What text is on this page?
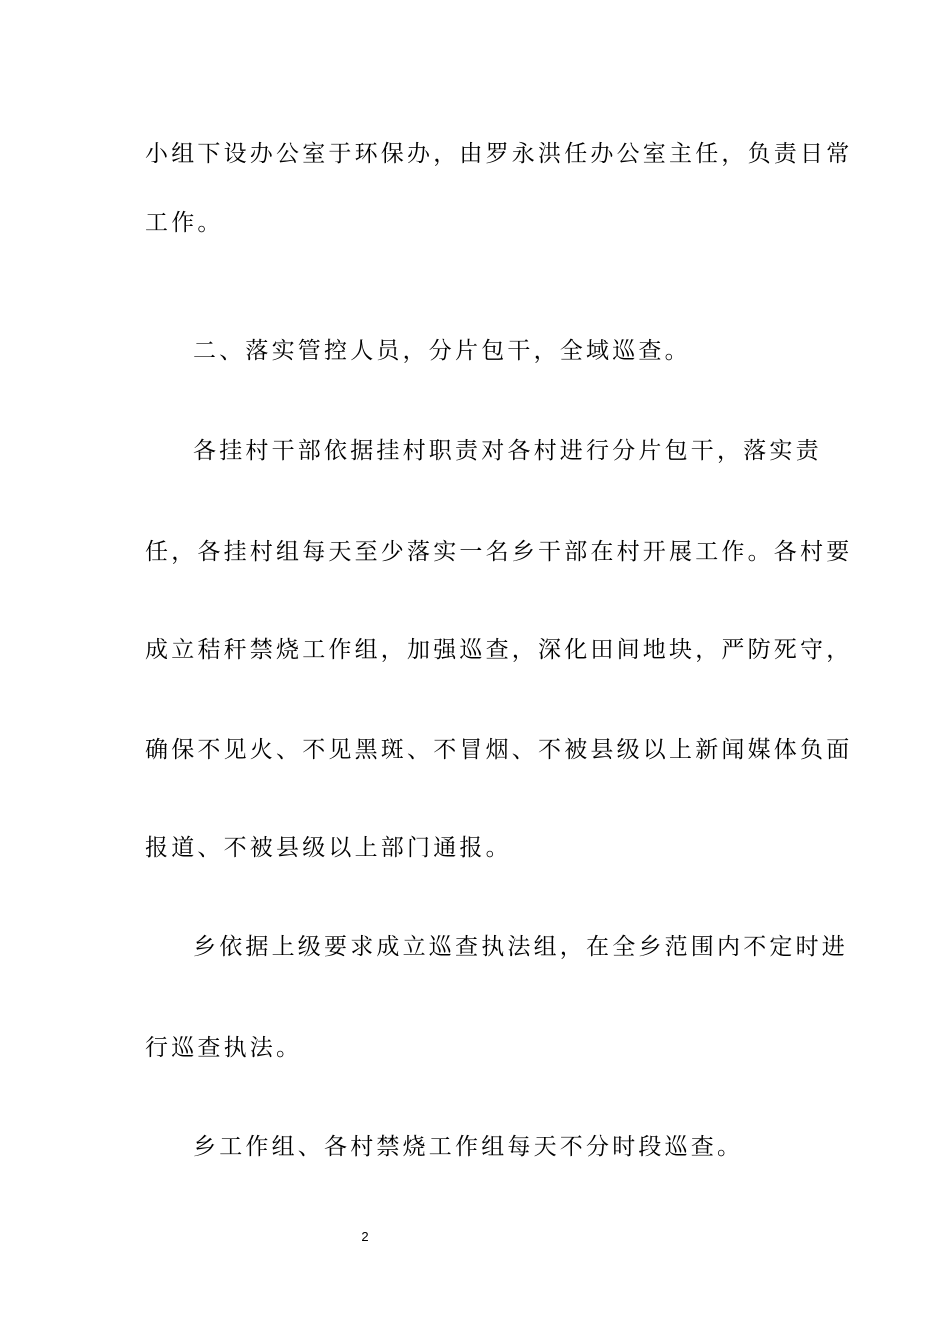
小组下设办公室于环保办，由罗永洪任办公室主任，负责日常
工作。
二、落实管控人员，分片包干，全域巡查。
各挂村干部依据挂村职责对各村进行分片包干，落实责
任，各挂村组每天至少落实一名乡干部在村开展工作。各村要
成立秸秆禁烧工作组，加强巡查，深化田间地块，严防死守，
确保不见火、不见黑斑、不冒烟、不被县级以上新闻媒体负面
报道、不被县级以上部门通报。
乡依据上级要求成立巡查执法组，在全乡范围内不定时进
行巡查执法。
乡工作组、各村禁烧工作组每天不分时段巡查。
2
